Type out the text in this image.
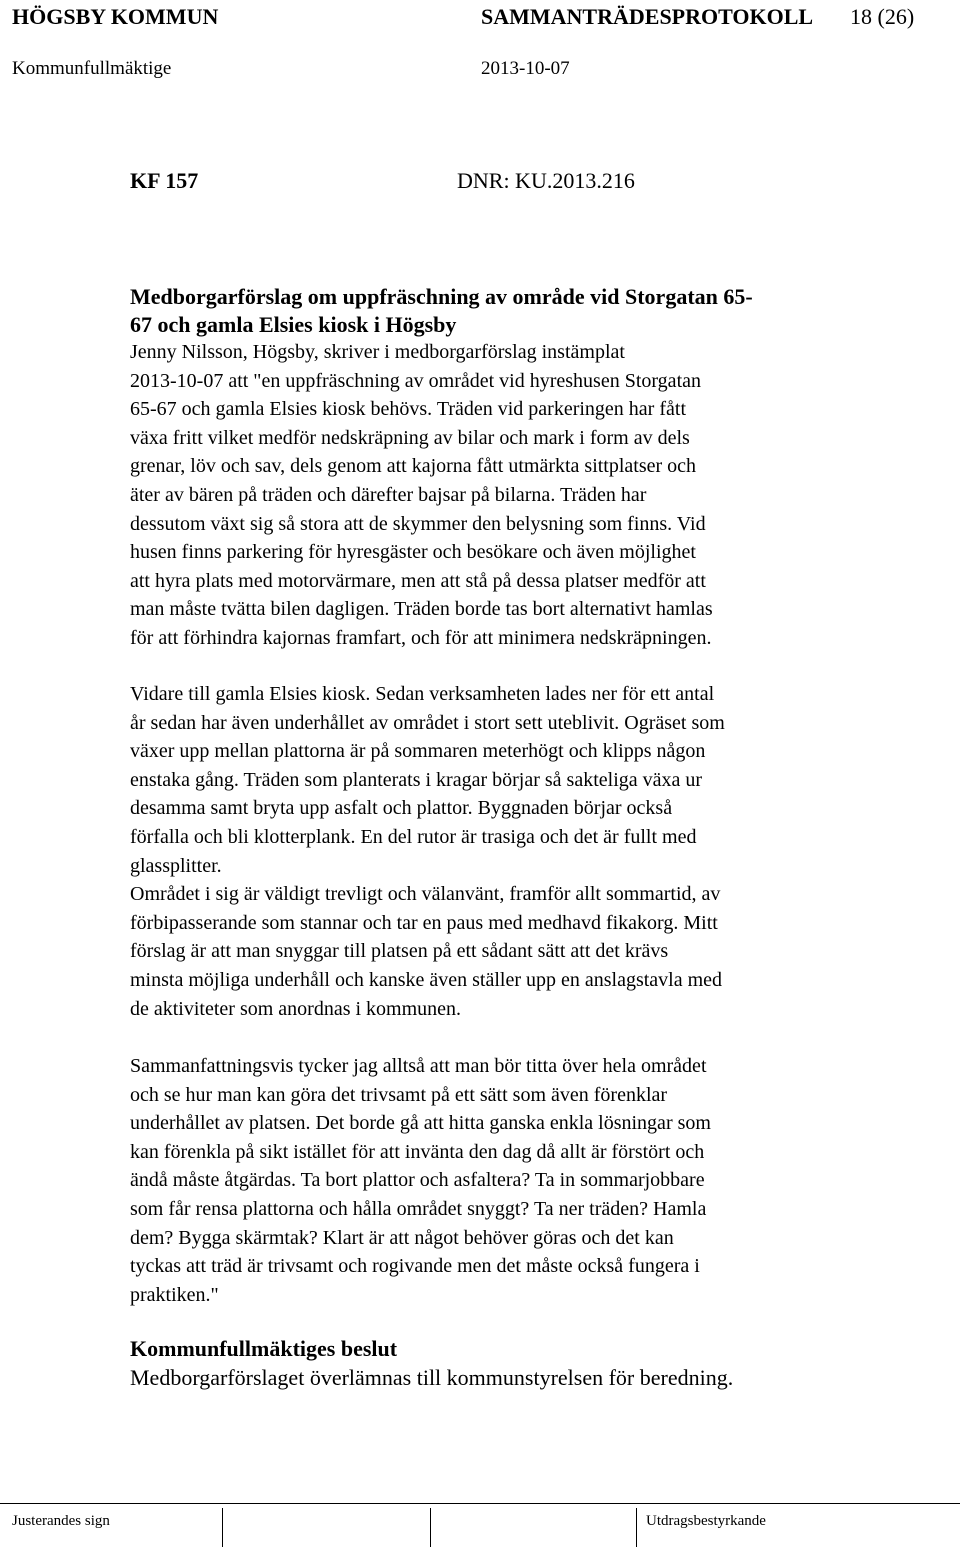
HÖGSBY KOMMUN	SAMMANTRÄDESPROTOKOLL 18 (26)
Kommunfullmäktige	2013-10-07
KF 157	DNR: KU.2013.216
Medborgarförslag om uppfräschning av område vid Storgatan 65-
67 och gamla Elsies kiosk i Högsby
Jenny Nilsson, Högsby, skriver i medborgarförslag instämplat
2013-10-07 att "en uppfräschning av området vid hyreshusen Storgatan
65-67 och gamla Elsies kiosk behövs. Träden vid parkeringen har fått
växa fritt vilket medför nedskräpning av bilar och mark i form av dels
grenar, löv och sav, dels genom att kajorna fått utmärkta sittplatser och
äter av bären på träden och därefter bajsar på bilarna. Träden har
dessutom växt sig så stora att de skymmer den belysning som finns. Vid
husen finns parkering för hyresgäster och besökare och även möjlighet
att hyra plats med motorvärmare, men att stå på dessa platser medför att
man måste tvätta bilen dagligen. Träden borde tas bort alternativt hamlas
för att förhindra kajornas framfart, och för att minimera nedskräpningen.
Vidare till gamla Elsies kiosk. Sedan verksamheten lades ner för ett antal
år sedan har även underhållet av området i stort sett uteblivit. Ogräset som
växer upp mellan plattorna är på sommaren meterhögt och klipps någon
enstaka gång. Träden som planterats i kragar börjar så sakteliga växa ur
desamma samt bryta upp asfalt och plattor. Byggnaden börjar också
förfalla och bli klotterplank. En del rutor är trasiga och det är fullt med
glassplitter.
Området i sig är väldigt trevligt och välanvänt, framför allt sommartid, av
förbipasserande som stannar och tar en paus med medhavd fikakorg. Mitt
förslag är att man snyggar till platsen på ett sådant sätt att det krävs
minsta möjliga underhåll och kanske även ställer upp en anslagstavla med
de aktiviteter som anordnas i kommunen.
Sammanfattningsvis tycker jag alltså att man bör titta över hela området
och se hur man kan göra det trivsamt på ett sätt som även förenklar
underhållet av platsen. Det borde gå att hitta ganska enkla lösningar som
kan förenkla på sikt istället för att invänta den dag då allt är förstört och
ändå måste åtgärdas. Ta bort plattor och asfaltera? Ta in sommarjobbare
som får rensa plattorna och hålla området snyggt? Ta ner träden? Hamla
dem? Bygga skärmtak? Klart är att något behöver göras och det kan
tyckas att träd är trivsamt och rogivande men det måste också fungera i
praktiken."
Kommunfullmäktiges beslut
Medborgarförslaget överlämnas till kommunstyrelsen för beredning.
Justerandes sign	Utdragsbestyrkande
